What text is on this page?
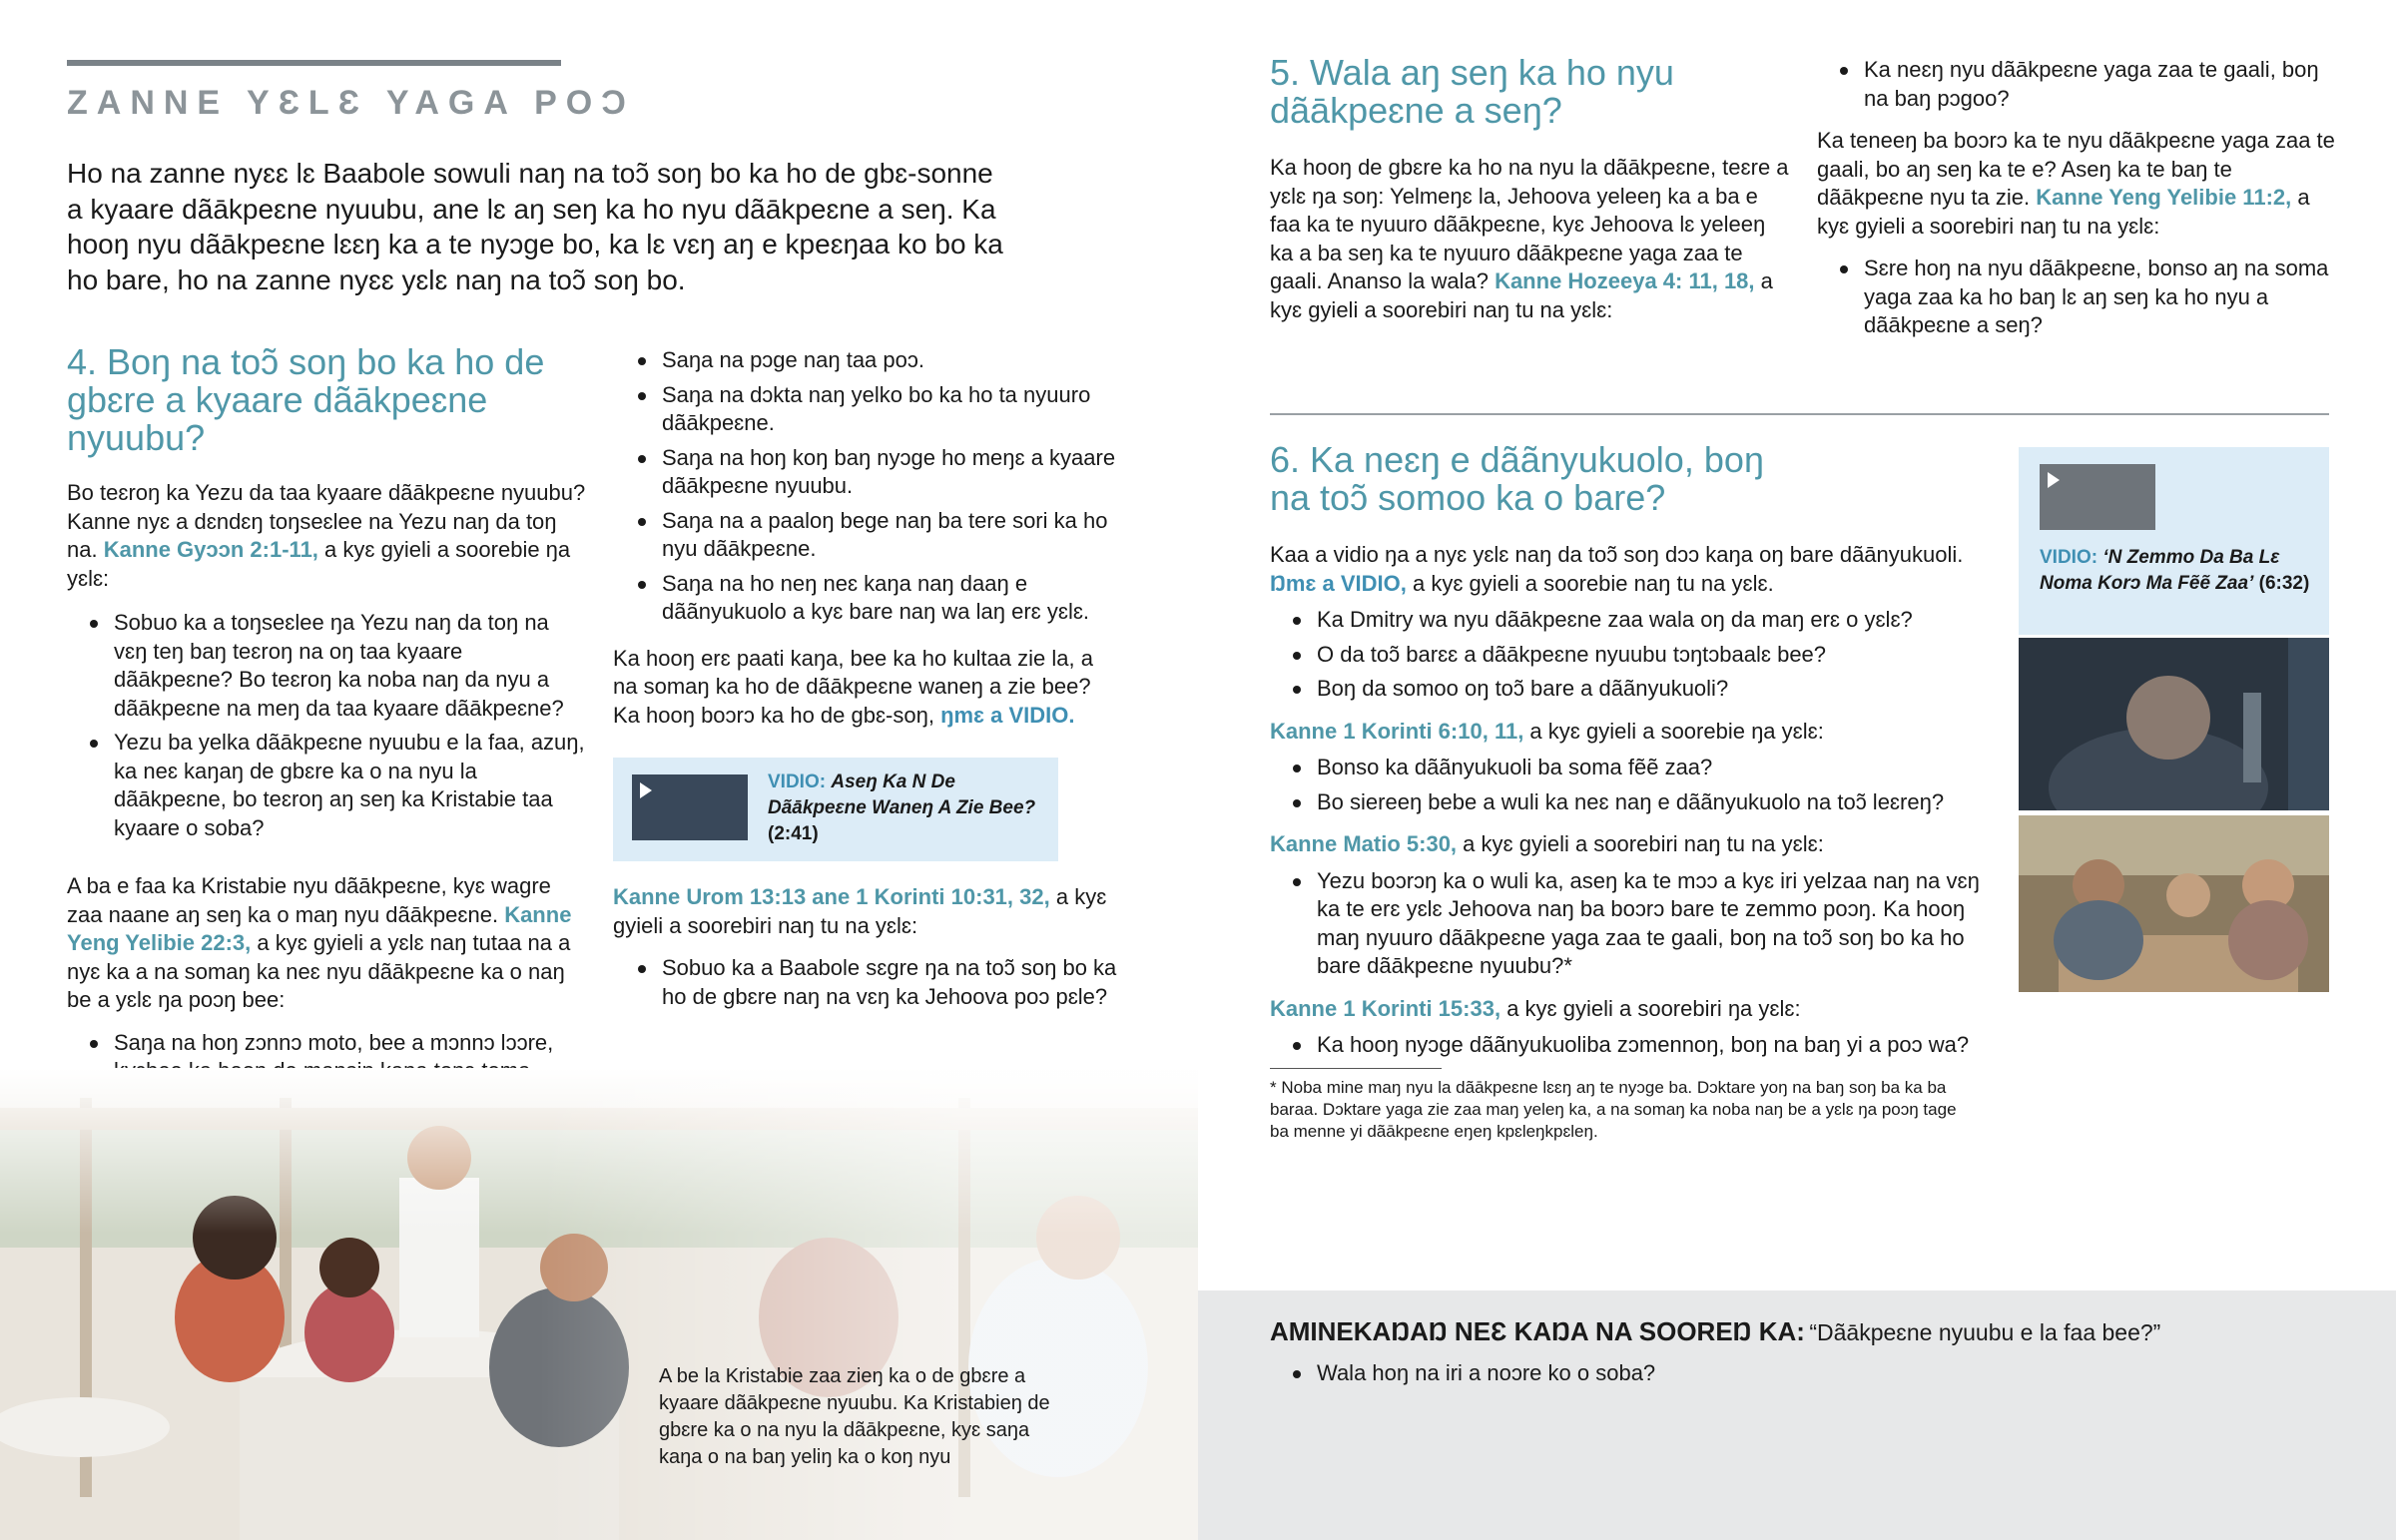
ZANNE YƐLƐ YAGA POƆ

Ho na zanne nyɛɛ lɛ Baabole sowuli naŋ na toɔ̃ soŋ bo ka ho de gbɛ-sonne a kyaare dãākpeɛne nyuubu, ane lɛ aŋ seŋ ka ho nyu dãākpeɛne a seŋ. Ka hooŋ nyu dãākpeɛne lɛɛŋ ka a te nyɔge bo, ka lɛ vɛŋ aŋ e kpeɛŋaa ko bo ka ho bare, ho na zanne nyɛɛ yɛlɛ naŋ na toɔ̃ soŋ bo.

4. Boŋ na toɔ̃ soŋ bo ka ho de gbɛre a kyaare dãākpeɛne nyuubu?

Bo teɛroŋ ka Yezu da taa kyaare dãākpeɛne nyuubu? Kanne nyɛ a dɛndɛŋ toŋseɛlee na Yezu naŋ da toŋ na. Kanne Gyɔɔn 2:1-11, a kyɛ gyieli a soorebie ŋa yɛlɛ:

Sobuo ka a toŋseɛlee ŋa Yezu naŋ da toŋ na vɛŋ teŋ baŋ teɛroŋ na oŋ taa kyaare dãākpeɛne? Bo teɛroŋ ka noba naŋ da nyu a dãākpeɛne na meŋ da taa kyaare dãākpeɛne?
Yezu ba yelka dãākpeɛne nyuubu e la faa, azuŋ, ka neɛ kaŋaŋ de gbɛre ka o na nyu la dãākpeɛne, bo teɛroŋ aŋ seŋ ka Kristabie taa kyaare o soba?

A ba e faa ka Kristabie nyu dãākpeɛne, kyɛ wagre zaa naane aŋ seŋ ka o maŋ nyu dãākpeɛne. Kanne Yeng Yelibie 22:3, a kyɛ gyieli a yɛlɛ naŋ tutaa na a nyɛ ka a na somaŋ ka neɛ nyu dãākpeɛne ka o naŋ be a yɛlɛ ŋa poɔŋ bee:

Saŋa na hoŋ zɔnnɔ moto, bee a mɔnnɔ lɔɔre,
Saŋa na pɔge naŋ taa poɔ.
Saŋa na dɔkta naŋ yelko bo ka ho ta nyuuro dãākpeɛne.
Saŋa na hoŋ koŋ baŋ nyɔge ho meŋɛ a kyaare dãākpeɛne nyuubu.
Saŋa na a paaloŋ bege naŋ ba tere sori ka ho nyu dãākpeɛne.
Saŋa na ho neŋ neɛ kaŋa naŋ daaŋ e dããnyukuolo a kyɛ bare naŋ wa laŋ erɛ yɛlɛ.

Ka hooŋ erɛ paati kaŋa, bee ka ho kultaa zie la, a na somaŋ ka ho de dãākpeɛne waneŋ a zie bee? Ka hooŋ boɔrɔ ka ho de gbɛ-soŋ, ŋmɛ a VIDIO.

VIDIO: Aseŋ Ka N De Dãākpeɛne Waneŋ A Zie Bee? (2:41)

Kanne Urom 13:13 ane 1 Korinti 10:31, 32, a kyɛ gyieli a soorebiri naŋ tu na yɛlɛ:

Sobuo ka a Baabole sɛgre ŋa na toɔ̃ soŋ bo ka ho de gbɛre naŋ na vɛŋ ka Jehoova poɔ pɛle?

A be la Kristabie zaa zieŋ ka o de gbɛre a kyaare dãākpeɛne nyuubu. Ka Kristabieŋ de gbɛre ka o na nyu la dãākpeɛne, kyɛ saŋa kaŋa o na baŋ yeliŋ ka o koŋ nyu

5. Wala aŋ seŋ ka ho nyu dãākpeɛne a seŋ?

Ka hooŋ de gbɛre ka ho na nyu la dãākpeɛne, teɛre a yɛlɛ ŋa soŋ: Yelmeŋɛ la, Jehoova yeleeŋ ka a ba e faa ka te nyuuro dãākpeɛne, kyɛ Jehoova lɛ yeleeŋ ka a ba seŋ ka te nyuuro dãākpeɛne yaga zaa te gaali. Ananso la wala? Kanne Hozeeya 4: 11, 18, a kyɛ gyieli a soorebiri naŋ tu na yɛlɛ:

Ka neɛŋ nyu dãākpeɛne yaga zaa te gaali, boŋ na baŋ pɔgoo?

Ka teneeŋ ba boɔrɔ ka te nyu dãākpeɛne yaga zaa te gaali, bo aŋ seŋ ka te e? Aseŋ ka te baŋ te dãākpeɛne nyu ta zie. Kanne Yeng Yelibie 11:2, a kyɛ gyieli a soorebiri naŋ tu na yɛlɛ:

Sɛre hoŋ na nyu dãākpeɛne, bonso aŋ na soma yaga zaa ka ho baŋ lɛ aŋ seŋ ka ho nyu a dãākpeɛne a seŋ?
6. Ka neɛŋ e dããnyukuolo, boŋ na toɔ̃ somoo ka o bare?

Kaa a vidio ŋa a nyɛ yɛlɛ naŋ da toɔ̃ soŋ dɔɔ kaŋa oŋ bare dãānyukuoli. Ŋmɛ a VIDIO, a kyɛ gyieli a soorebie naŋ tu na yɛlɛ.

Ka Dmitry wa nyu dãākpeɛne zaa wala oŋ da maŋ erɛ o yɛlɛ?
O da toɔ̃ barɛɛ a dãākpeɛne nyuubu tɔŋtɔbaalɛ bee?
Boŋ da somoo oŋ toɔ̃ bare a dããnyukuoli?

Kanne 1 Korinti 6:10, 11, a kyɛ gyieli a soorebie ŋa yɛlɛ:

Bonso ka dããnyukuoli ba soma fẽẽ zaa?
Bo siereeŋ bebe a wuli ka neɛ naŋ e dããnyukuolo na toɔ̃ leɛreŋ?

Kanne Matio 5:30, a kyɛ gyieli a soorebiri naŋ tu na yɛlɛ:

Yezu boɔrɔŋ ka o wuli ka, aseŋ ka te mɔɔ a kyɛ iri yelzaa naŋ na vɛŋ ka te erɛ yɛlɛ Jehoova naŋ ba boɔrɔ bare te zemmo poɔŋ. Ka hooŋ maŋ nyuuro dãākpeɛne yaga zaa te gaali, boŋ na toɔ̃ soŋ bo ka ho bare dãākpeɛne nyuubu?*

Kanne 1 Korinti 15:33, a kyɛ gyieli a soorebiri ŋa yɛlɛ:

Ka hooŋ nyɔge dããnyukuoliba zɔmennoŋ, boŋ na baŋ yi a poɔ wa?

* Noba mine maŋ nyu la dãākpeɛne lɛɛŋ aŋ te nyɔge ba. Dɔktare yoŋ na baŋ soŋ ba ka ba baraa. Dɔktare yaga zie zaa maŋ yeleŋ ka, a na somaŋ ka noba naŋ be a yɛlɛ ŋa poɔŋ tage ba menne yi dãākpeɛne eŋeŋ kpɛleŋkpɛleŋ.

VIDIO: ‘N Zemmo Da Ba Lɛ Noma Korɔ Ma Fẽẽ Zaa’ (6:32)
AMINEKAŊAŊ NEƐ KAŊA NA SOOREŊ KA: “Dãākpeɛne nyuubu e la faa bee?”
Wala hoŋ na iri a noɔre ko o soba?
